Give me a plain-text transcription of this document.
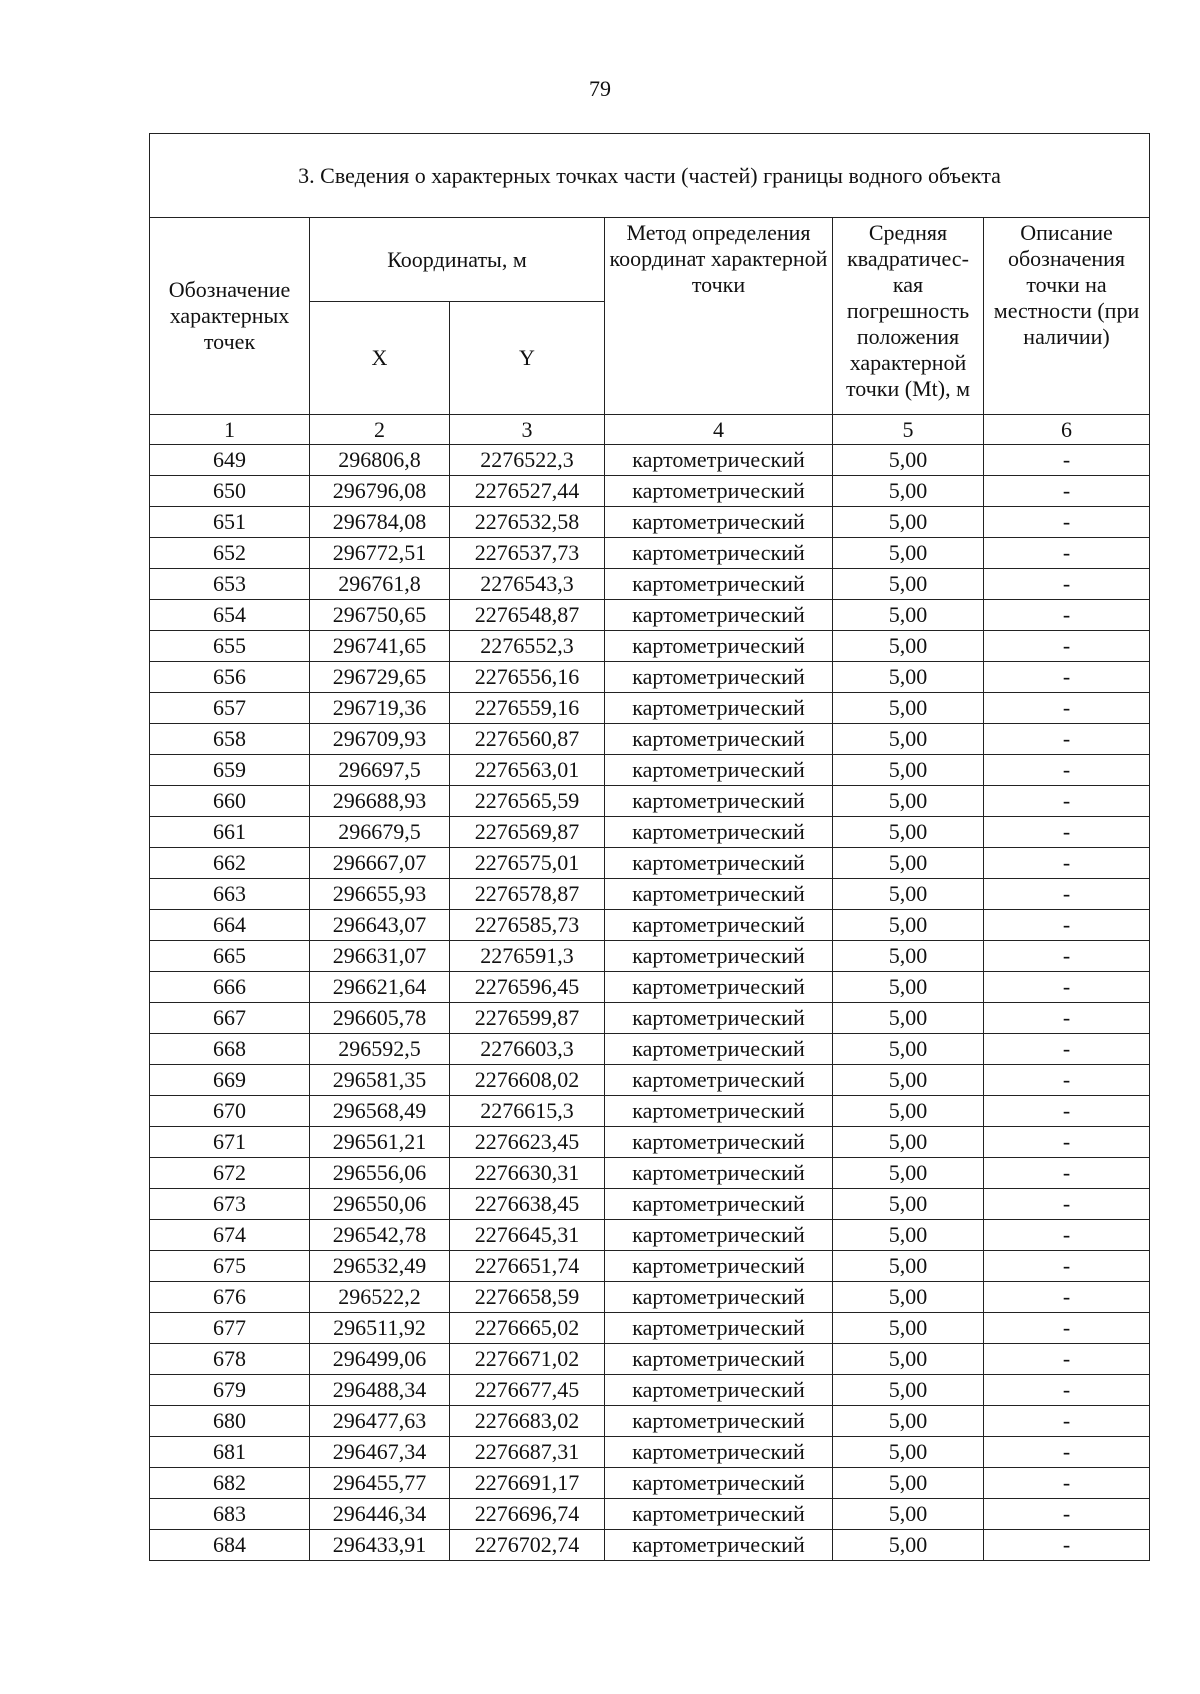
79
3. Сведения о характерных точках части (частей) границы водного объекта					
Обозначение характерных точек	Координаты, м		Метод определения координат характерной точки	Средняя квадратичес-кая погрешность положения характерной точки (Mt), м	Описание обозначения точки на местности (при наличии)
	X	Y			
1	2	3	4	5	6
649	296806,8	2276522,3	картометрический	5,00	-
650	296796,08	2276527,44	картометрический	5,00	-
651	296784,08	2276532,58	картометрический	5,00	-
652	296772,51	2276537,73	картометрический	5,00	-
653	296761,8	2276543,3	картометрический	5,00	-
654	296750,65	2276548,87	картометрический	5,00	-
655	296741,65	2276552,3	картометрический	5,00	-
656	296729,65	2276556,16	картометрический	5,00	-
657	296719,36	2276559,16	картометрический	5,00	-
658	296709,93	2276560,87	картометрический	5,00	-
659	296697,5	2276563,01	картометрический	5,00	-
660	296688,93	2276565,59	картометрический	5,00	-
661	296679,5	2276569,87	картометрический	5,00	-
662	296667,07	2276575,01	картометрический	5,00	-
663	296655,93	2276578,87	картометрический	5,00	-
664	296643,07	2276585,73	картометрический	5,00	-
665	296631,07	2276591,3	картометрический	5,00	-
666	296621,64	2276596,45	картометрический	5,00	-
667	296605,78	2276599,87	картометрический	5,00	-
668	296592,5	2276603,3	картометрический	5,00	-
669	296581,35	2276608,02	картометрический	5,00	-
670	296568,49	2276615,3	картометрический	5,00	-
671	296561,21	2276623,45	картометрический	5,00	-
672	296556,06	2276630,31	картометрический	5,00	-
673	296550,06	2276638,45	картометрический	5,00	-
674	296542,78	2276645,31	картометрический	5,00	-
675	296532,49	2276651,74	картометрический	5,00	-
676	296522,2	2276658,59	картометрический	5,00	-
677	296511,92	2276665,02	картометрический	5,00	-
678	296499,06	2276671,02	картометрический	5,00	-
679	296488,34	2276677,45	картометрический	5,00	-
680	296477,63	2276683,02	картометрический	5,00	-
681	296467,34	2276687,31	картометрический	5,00	-
682	296455,77	2276691,17	картометрический	5,00	-
683	296446,34	2276696,74	картометрический	5,00	-
684	296433,91	2276702,74	картометрический	5,00	-
